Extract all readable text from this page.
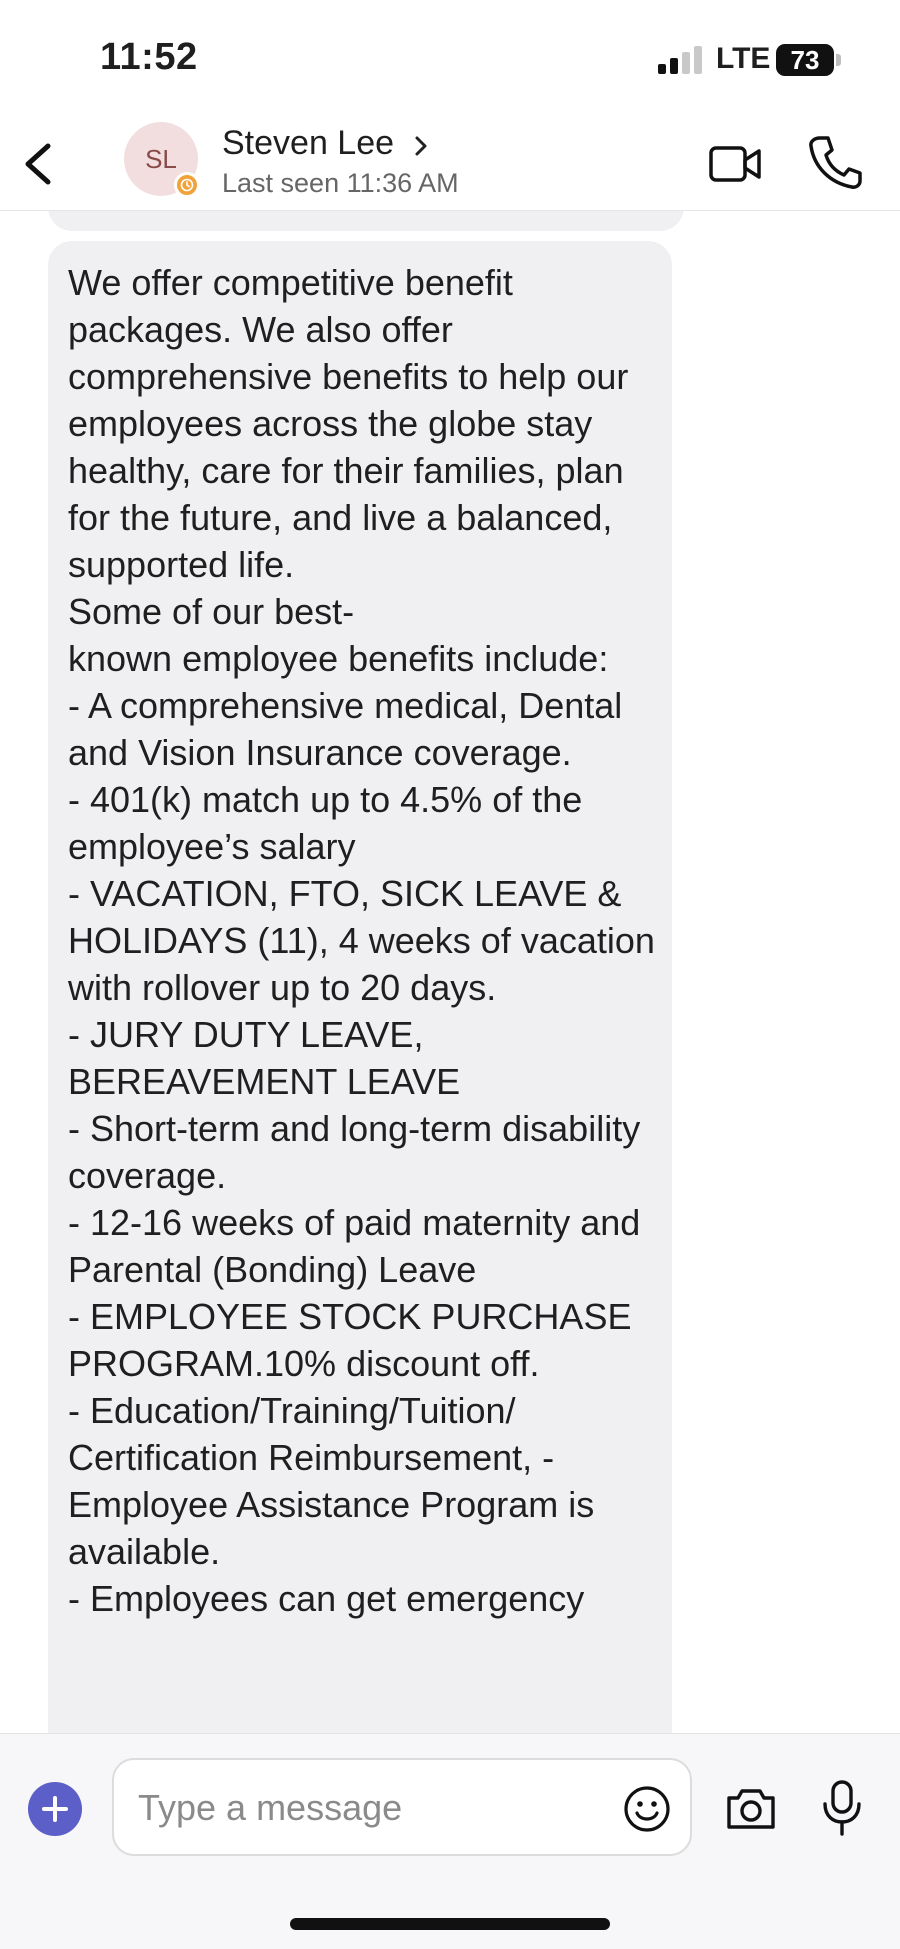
11:52	LTE 73
SL	Steven Lee
Last seen 11:36 AM

We offer competitive benefit packages. We also offer comprehensive benefits to help our employees across the globe stay healthy, care for their families, plan for the future, and live a balanced, supported life.
Some of our best-
known employee benefits include:
- A comprehensive medical, Dental and Vision Insurance coverage.
- 401(k) match up to 4.5% of the employee’s salary
- VACATION, FTO, SICK LEAVE & HOLIDAYS (11), 4 weeks of vacation with rollover up to 20 days.
- JURY DUTY LEAVE, BEREAVEMENT LEAVE
- Short-term and long-term disability coverage.
- 12-16 weeks of paid maternity and Parental (Bonding) Leave
- EMPLOYEE STOCK PURCHASE PROGRAM.10% discount off.
- Education/Training/Tuition/ Certification Reimbursement, - Employee Assistance Program is available.
- Employees can get emergency

Type a message
